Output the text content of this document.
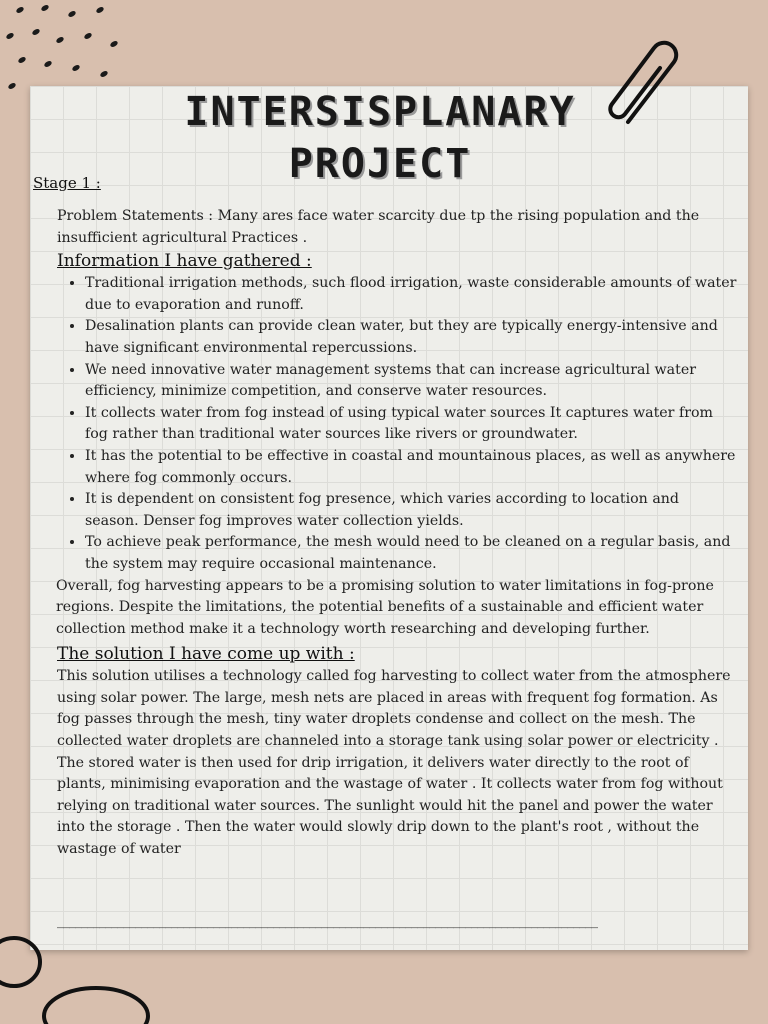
INTERSISPLANARY PROJECT
Stage 1 :

Problem Statements : Many ares face water scarcity due tp the rising population and the insufficient agricultural Practices .

Information I have gathered :
• Traditional irrigation methods, such flood irrigation, waste considerable amounts of water due to evaporation and runoff.
• Desalination plants can provide clean water, but they are typically energy-intensive and have significant environmental repercussions.
• We need innovative water management systems that can increase agricultural water efficiency, minimize competition, and conserve water resources.
• It collects water from fog instead of using typical water sources It captures water from fog rather than traditional water sources like rivers or groundwater.
• It has the potential to be effective in coastal and mountainous places, as well as anywhere where fog commonly occurs.
• It is dependent on consistent fog presence, which varies according to location and season. Denser fog improves water collection yields.
• To achieve peak performance, the mesh would need to be cleaned on a regular basis, and the system may require occasional maintenance.

Overall, fog harvesting appears to be a promising solution to water limitations in fog-prone regions. Despite the limitations, the potential benefits of a sustainable and efficient water collection method make it a technology worth researching and developing further.

The solution I have come up with :

This solution utilises a technology called fog harvesting to collect water from the atmosphere using solar power. The large, mesh nets are placed in areas with frequent fog formation. As fog passes through the mesh, tiny water droplets condense and collect on the mesh. The collected water droplets are channeled into a storage tank using solar power or electricity . The stored water is then used for drip irrigation, it delivers water directly to the root of plants, minimising evaporation and the wastage of water . It collects water from fog without relying on traditional water sources. The sunlight would hit the panel and power the water into the storage . Then the water would slowly drip down to the plant's root , without the wastage of water

__________________________________________________________________________________________
